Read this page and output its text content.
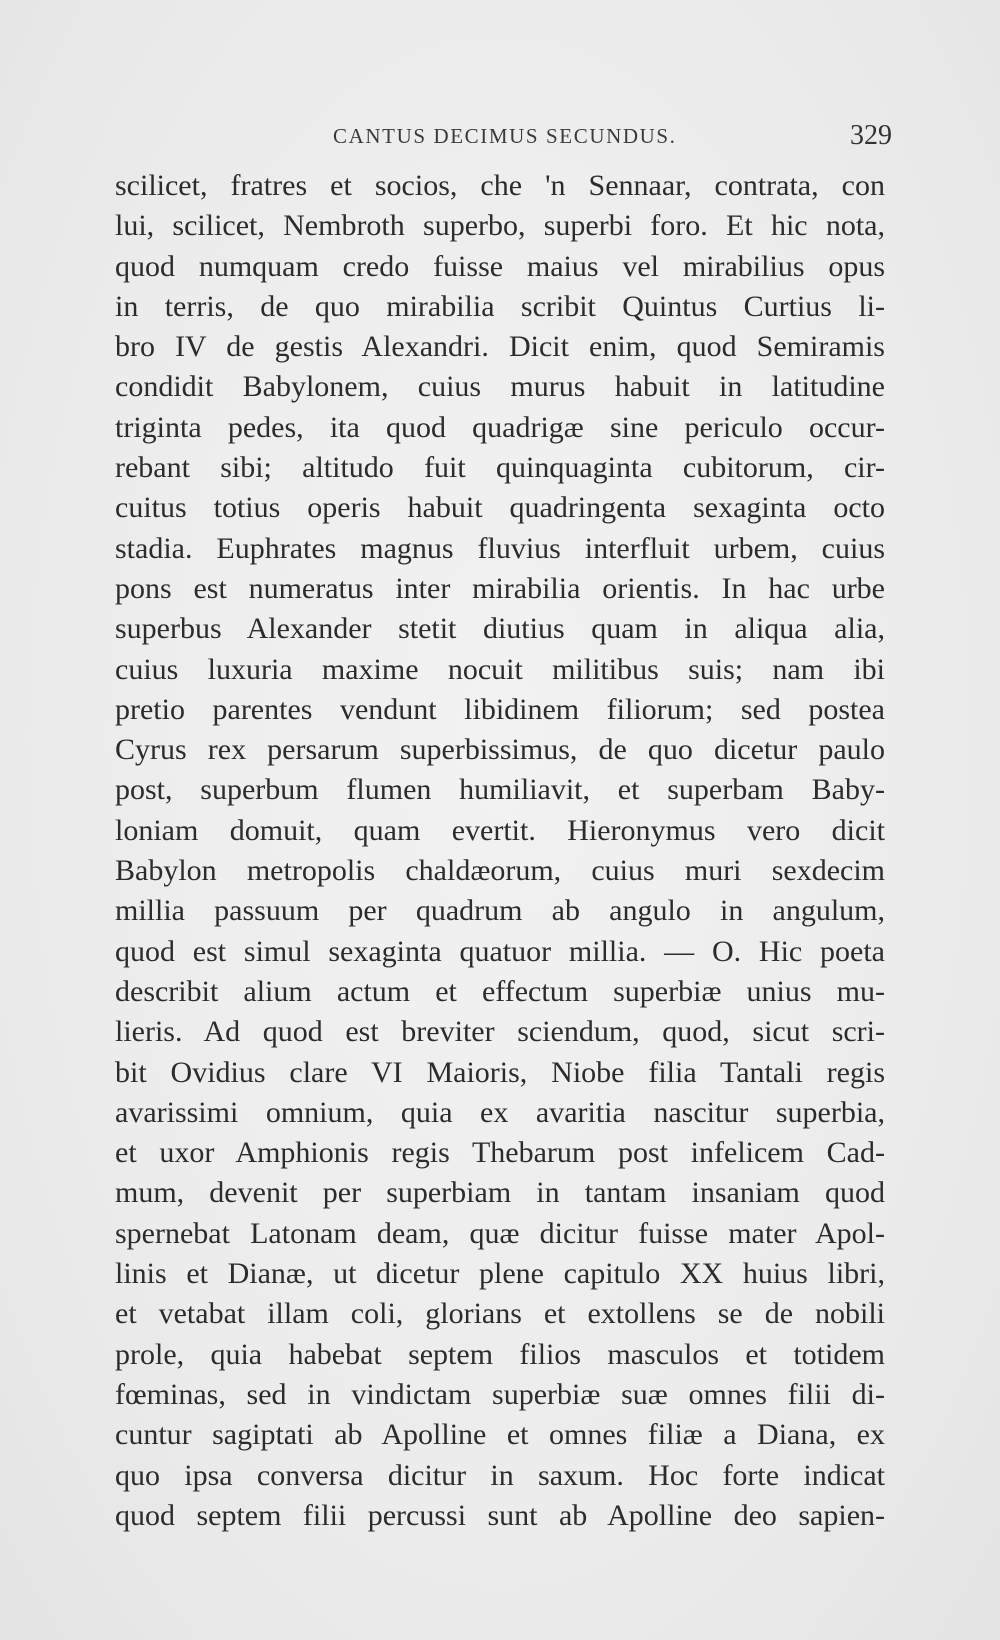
CANTUS DECIMUS SECUNDUS.	329
scilicet, fratres et socios, che 'n Sennaar, contrata, con
lui, scilicet, Nembroth superbo, superbi foro. Et hic nota,
quod numquam credo fuisse maius vel mirabilius opus
in terris, de quo mirabilia scribit Quintus Curtius li-
bro IV de gestis Alexandri. Dicit enim, quod Semiramis
condidit Babylonem, cuius murus habuit in latitudine
triginta pedes, ita quod quadrigæ sine periculo occur-
rebant sibi; altitudo fuit quinquaginta cubitorum, cir-
cuitus totius operis habuit quadringenta sexaginta octo
stadia. Euphrates magnus fluvius interfluit urbem, cuius
pons est numeratus inter mirabilia orientis. In hac urbe
superbus Alexander stetit diutius quam in aliqua alia,
cuius luxuria maxime nocuit militibus suis; nam ibi
pretio parentes vendunt libidinem filiorum; sed postea
Cyrus rex persarum superbissimus, de quo dicetur paulo
post, superbum flumen humiliavit, et superbam Baby-
loniam domuit, quam evertit. Hieronymus vero dicit
Babylon metropolis chaldæorum, cuius muri sexdecim
millia passuum per quadrum ab angulo in angulum,
quod est simul sexaginta quatuor millia. — O. Hic poeta
describit alium actum et effectum superbiæ unius mu-
lieris. Ad quod est breviter sciendum, quod, sicut scri-
bit Ovidius clare VI Maioris, Niobe filia Tantali regis
avarissimi omnium, quia ex avaritia nascitur superbia,
et uxor Amphionis regis Thebarum post infelicem Cad-
mum, devenit per superbiam in tantam insaniam quod
spernebat Latonam deam, quæ dicitur fuisse mater Apol-
linis et Dianæ, ut dicetur plene capitulo XX huius libri,
et vetabat illam coli, glorians et extollens se de nobili
prole, quia habebat septem filios masculos et totidem
fœminas, sed in vindictam superbiæ suæ omnes filii di-
cuntur sagiptati ab Apolline et omnes filiæ a Diana, ex
quo ipsa conversa dicitur in saxum. Hoc forte indicat
quod septem filii percussi sunt ab Apolline deo sapien-
